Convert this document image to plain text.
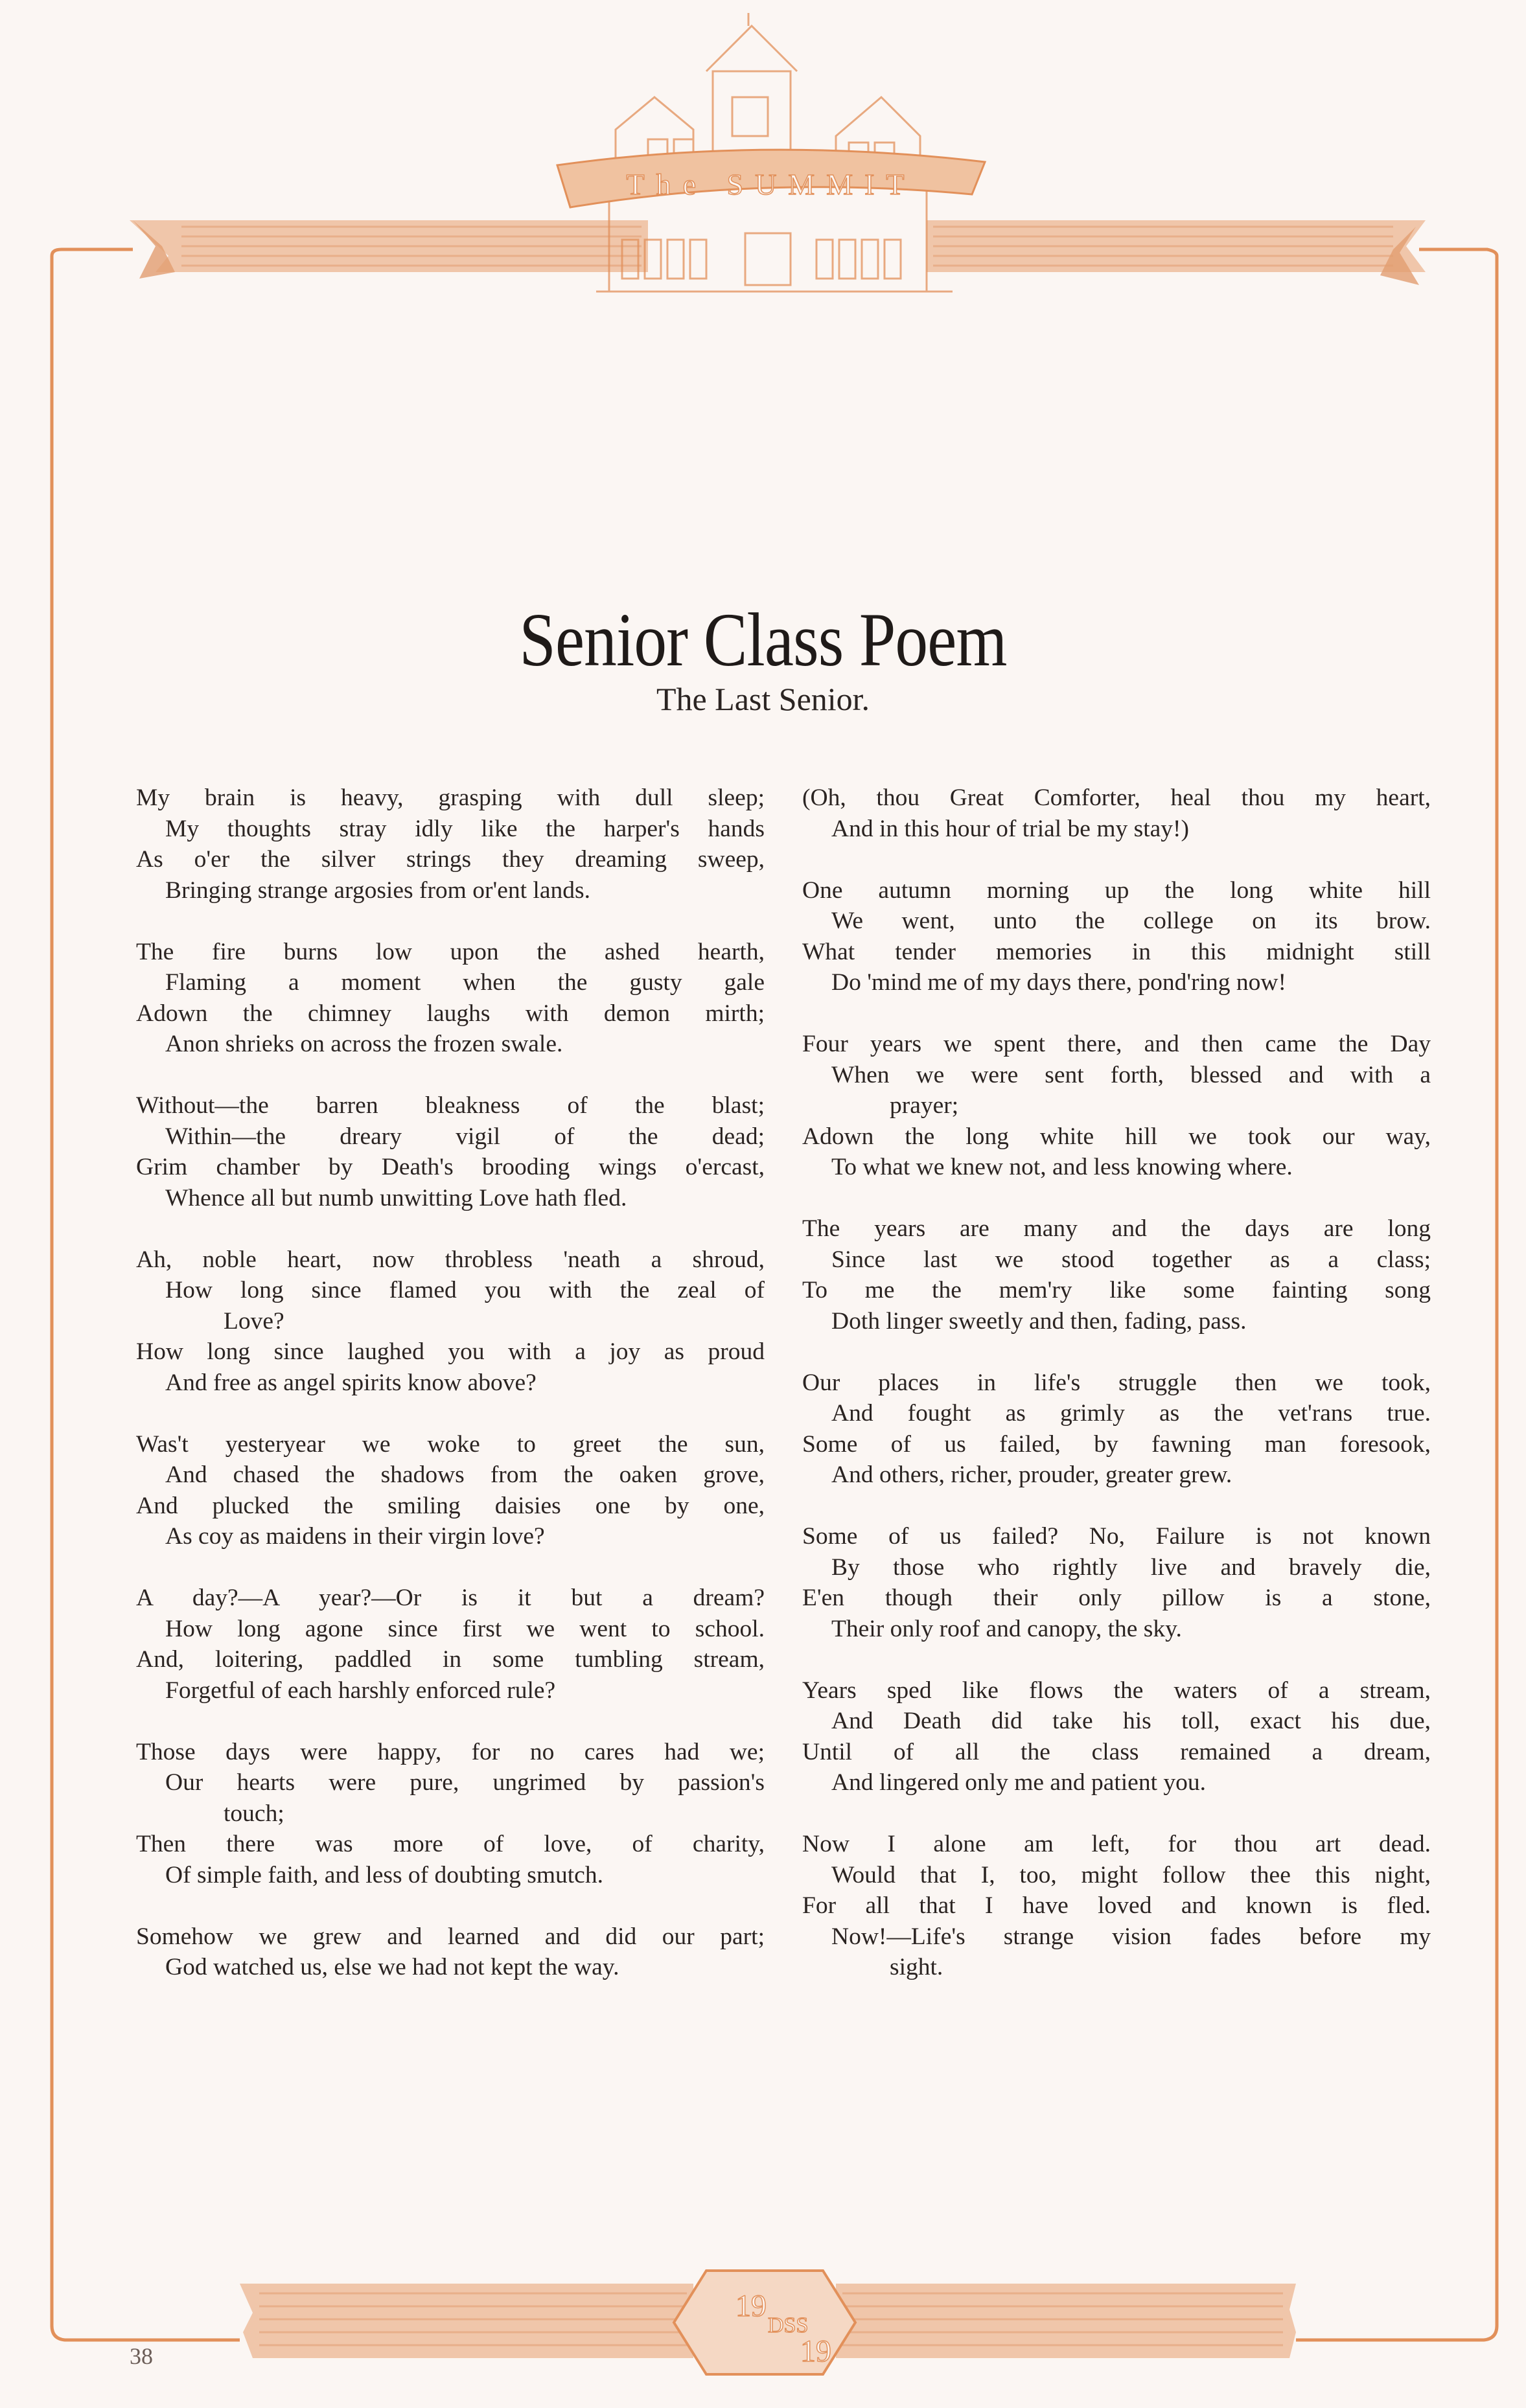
The SUMMIT
19
DSS
19
Senior Class Poem
The Last Senior.
My brain is heavy, grasping with dull sleep;
My thoughts stray idly like the harper's hands
As o'er the silver strings they dreaming sweep,
Bringing strange argosies from or'ent lands.
The fire burns low upon the ashed hearth,
Flaming a moment when the gusty gale
Adown the chimney laughs with demon mirth;
Anon shrieks on across the frozen swale.
Without—the barren bleakness of the blast;
Within—the dreary vigil of the dead;
Grim chamber by Death's brooding wings o'ercast,
Whence all but numb unwitting Love hath fled.
Ah, noble heart, now throbless 'neath a shroud,
How long since flamed you with the zeal of
Love?
How long since laughed you with a joy as proud
And free as angel spirits know above?
Was't yesteryear we woke to greet the sun,
And chased the shadows from the oaken grove,
And plucked the smiling daisies one by one,
As coy as maidens in their virgin love?
A day?—A year?—Or is it but a dream?
How long agone since first we went to school.
And, loitering, paddled in some tumbling stream,
Forgetful of each harshly enforced rule?
Those days were happy, for no cares had we;
Our hearts were pure, ungrimed by passion's
touch;
Then there was more of love, of charity,
Of simple faith, and less of doubting smutch.
Somehow we grew and learned and did our part;
God watched us, else we had not kept the way.
(Oh, thou Great Comforter, heal thou my heart,
And in this hour of trial be my stay!)
One autumn morning up the long white hill
We went, unto the college on its brow.
What tender memories in this midnight still
Do 'mind me of my days there, pond'ring now!
Four years we spent there, and then came the Day
When we were sent forth, blessed and with a
prayer;
Adown the long white hill we took our way,
To what we knew not, and less knowing where.
The years are many and the days are long
Since last we stood together as a class;
To me the mem'ry like some fainting song
Doth linger sweetly and then, fading, pass.
Our places in life's struggle then we took,
And fought as grimly as the vet'rans true.
Some of us failed, by fawning man foresook,
And others, richer, prouder, greater grew.
Some of us failed? No, Failure is not known
By those who rightly live and bravely die,
E'en though their only pillow is a stone,
Their only roof and canopy, the sky.
Years sped like flows the waters of a stream,
And Death did take his toll, exact his due,
Until of all the class remained a dream,
And lingered only me and patient you.
Now I alone am left, for thou art dead.
Would that I, too, might follow thee this night,
For all that I have loved and known is fled.
Now!—Life's strange vision fades before my
sight.
38
